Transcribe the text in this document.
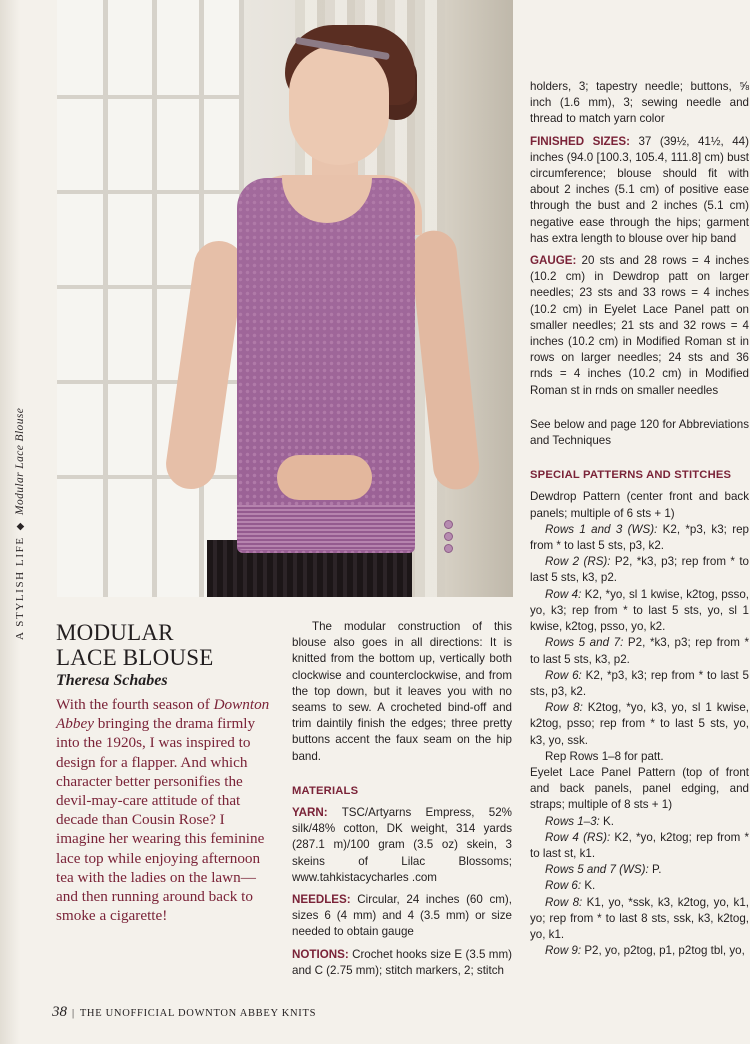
A STYLISH LIFE◆Modular Lace Blouse
MODULAR
LACE BLOUSE
Theresa Schabes
With the fourth season of Downton Abbey bringing the drama firmly into the 1920s, I was inspired to design for a flapper. And which character better personifies the devil-may-care attitude of that decade than Cousin Rose? I imagine her wearing this feminine lace top while enjoying afternoon tea with the ladies on the lawn—and then running around back to smoke a cigarette!

The modular construction of this blouse also goes in all directions: It is knitted from the bottom up, vertically both clockwise and counterclockwise, and from the top down, but it leaves you with no seams to sew. A crocheted bind-off and trim daintily finish the edges; three pretty buttons accent the faux seam on the hip band.

MATERIALS

YARN: TSC/Artyarns Empress, 52% silk/48% cotton, DK weight, 314 yards (287.1 m)/100 gram (3.5 oz) skein, 3 skeins of Lilac Blossoms; www.tahkistacycharles .com

NEEDLES: Circular, 24 inches (60 cm), sizes 6 (4 mm) and 4 (3.5 mm) or size needed to obtain gauge

NOTIONS: Crochet hooks size E (3.5 mm) and C (2.75 mm); stitch markers, 2; stitch

holders, 3; tapestry needle; buttons, ⅝ inch (1.6 mm), 3; sewing needle and thread to match yarn color

FINISHED SIZES: 37 (39½, 41½, 44) inches (94.0 [100.3, 105.4, 111.8] cm) bust circumference; blouse should fit with about 2 inches (5.1 cm) of positive ease through the bust and 2 inches (5.1 cm) negative ease through the hips; garment has extra length to blouse over hip band

GAUGE: 20 sts and 28 rows = 4 inches (10.2 cm) in Dewdrop patt on larger needles; 23 sts and 33 rows = 4 inches (10.2 cm) in Eyelet Lace Panel patt on smaller needles; 21 sts and 32 rows = 4 inches (10.2 cm) in Modified Roman st in rows on larger needles; 24 sts and 36 rnds = 4 inches (10.2 cm) in Modified Roman st in rnds on smaller needles

See below and page 120 for Abbreviations and Techniques

SPECIAL PATTERNS AND STITCHES

Dewdrop Pattern (center front and back panels; multiple of 6 sts + 1)

Rows 1 and 3 (WS): K2, *p3, k3; rep from * to last 5 sts, p3, k2.

Row 2 (RS): P2, *k3, p3; rep from * to last 5 sts, k3, p2.

Row 4: K2, *yo, sl 1 kwise, k2tog, psso, yo, k3; rep from * to last 5 sts, yo, sl 1 kwise, k2tog, psso, yo, k2.

Rows 5 and 7: P2, *k3, p3; rep from * to last 5 sts, k3, p2.

Row 6: K2, *p3, k3; rep from * to last 5 sts, p3, k2.

Row 8: K2tog, *yo, k3, yo, sl 1 kwise, k2tog, psso; rep from * to last 5 sts, yo, k3, yo, ssk.

Rep Rows 1–8 for patt.

Eyelet Lace Panel Pattern (top of front and back panels, panel edging, and straps; multiple of 8 sts + 1)

Rows 1–3: K.

Row 4 (RS): K2, *yo, k2tog; rep from * to last st, k1.

Rows 5 and 7 (WS): P.

Row 6: K.

Row 8: K1, yo, *ssk, k3, k2tog, yo, k1, yo; rep from * to last 8 sts, ssk, k3, k2tog, yo, k1.

Row 9: P2, yo, p2tog, p1, p2tog tbl, yo,

38 | THE UNOFFICIAL DOWNTON ABBEY KNITS
